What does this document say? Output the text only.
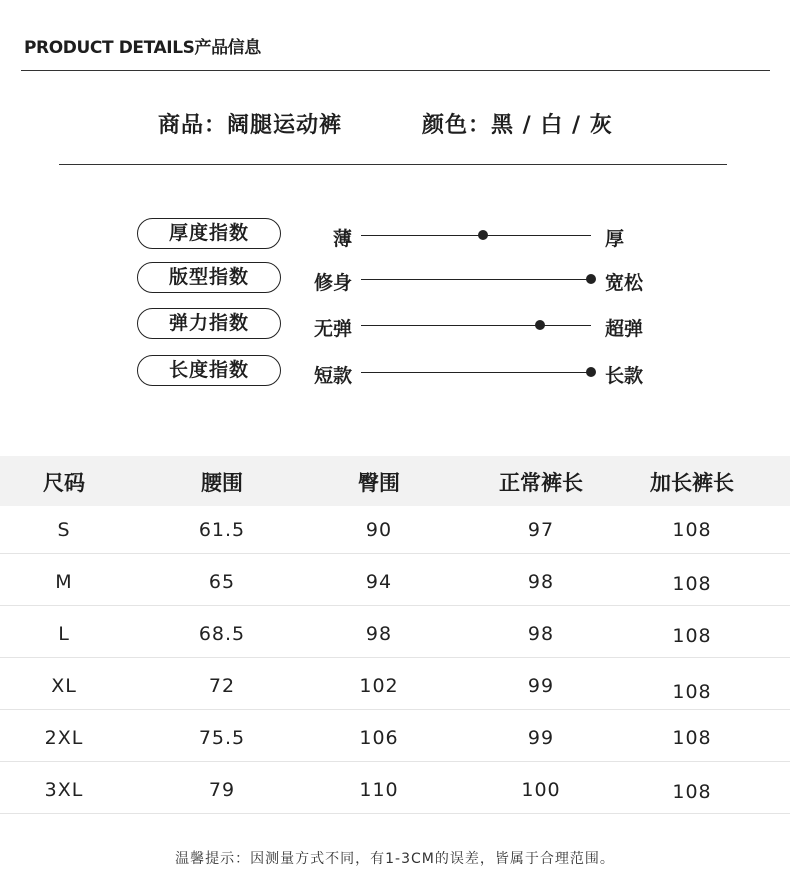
PRODUCT DETAILS产品信息
商品：阔腿运动裤	颜色：黑 / 白 / 灰
厚度指数	薄	厚
版型指数	修身	宽松
弹力指数	无弹	超弹
长度指数	短款	长款
尺码	腰围	臀围	正常裤长	加长裤长
S	61.5	90	97	108
M	65	94	98	108
L	68.5	98	98	108
XL	72	102	99	108
2XL	75.5	106	99	108
3XL	79	110	100	108
温馨提示：因测量方式不同，有1-3CM的误差，皆属于合理范围。
